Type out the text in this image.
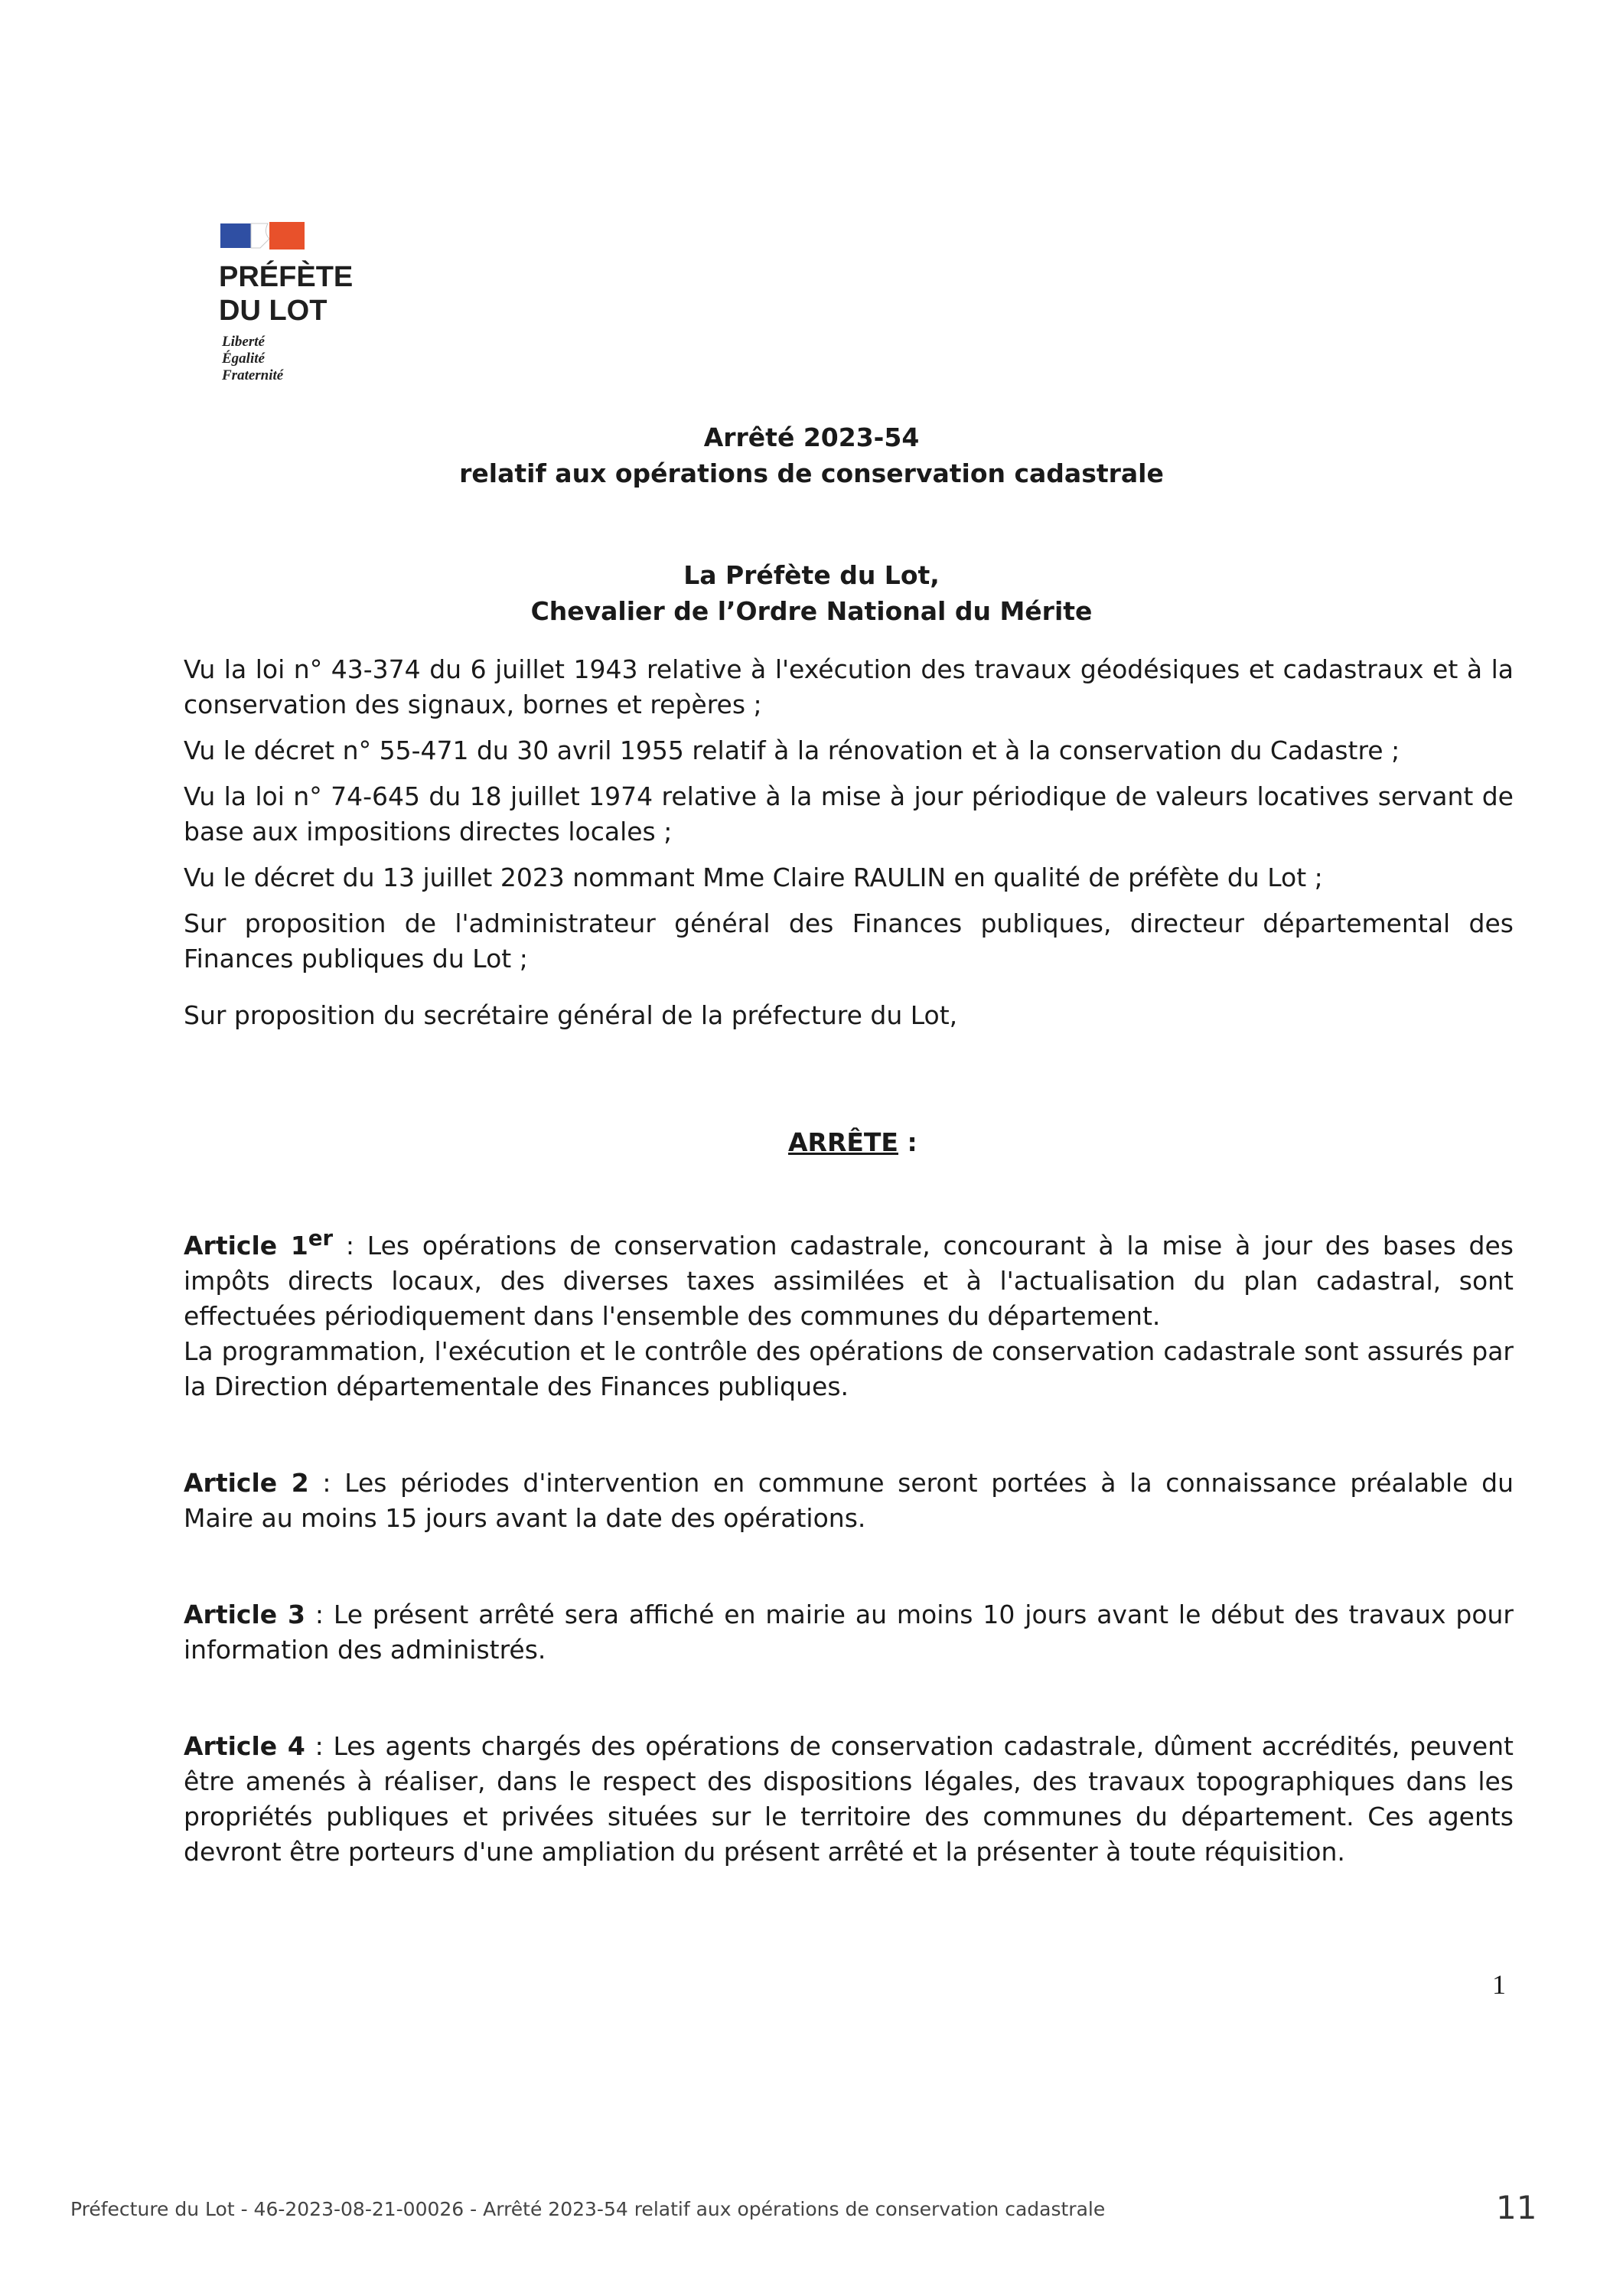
PRÉFÈTE
DU LOT
Liberté
Égalité
Fraternité
Arrêté 2023-54
relatif aux opérations de conservation cadastrale
La Préfète du Lot,
Chevalier de l’Ordre National du Mérite

Vu la loi n° 43-374 du 6 juillet 1943 relative à l'exécution des travaux géodésiques et cadastraux et à la conservation des signaux, bornes et repères ;

Vu le décret n° 55-471 du 30 avril 1955 relatif à la rénovation et à la conservation du Cadastre ;

Vu la loi n° 74-645 du 18 juillet 1974 relative à la mise à jour périodique de valeurs locatives servant de base aux impositions directes locales ;

Vu le décret du 13 juillet 2023 nommant Mme Claire RAULIN en qualité de préfète du Lot ;

Sur proposition de l'administrateur général des Finances publiques, directeur départemental des Finances publiques du Lot ;

Sur proposition du secrétaire général de la préfecture du Lot,

ARRÊTE :

Article 1er : Les opérations de conservation cadastrale, concourant à la mise à jour des bases des impôts directs locaux, des diverses taxes assimilées et à l'actualisation du plan cadastral, sont effectuées périodiquement dans l'ensemble des communes du département.

La programmation, l'exécution et le contrôle des opérations de conservation cadastrale sont assurés par la Direction départementale des Finances publiques.

Article 2 : Les périodes d'intervention en commune seront portées à la connaissance préalable du Maire au moins 15 jours avant la date des opérations.

Article 3 : Le présent arrêté sera affiché en mairie au moins 10 jours avant le début des travaux pour information des administrés.

Article 4 : Les agents chargés des opérations de conservation cadastrale, dûment accrédités, peuvent être amenés à réaliser, dans le respect des dispositions légales, des travaux topographiques dans les propriétés publiques et privées situées sur le territoire des communes du département. Ces agents devront être porteurs d'une ampliation du présent arrêté et la présenter à toute réquisition.

1
Préfecture du Lot - 46-2023-08-21-00026 - Arrêté 2023-54 relatif aux opérations de conservation cadastrale	11
